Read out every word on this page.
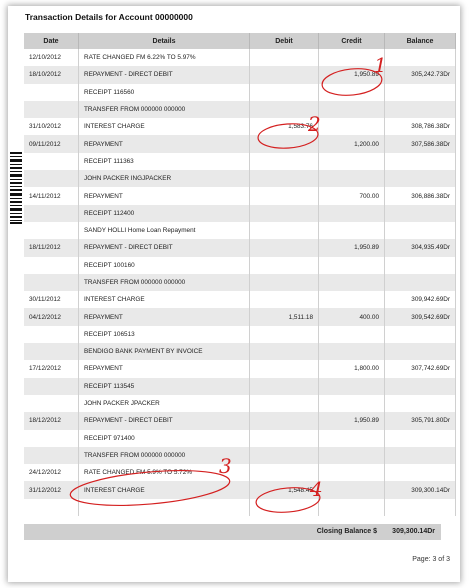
Transaction Details for Account 00000000
Date	Details	Debit	Credit	Balance
12/10/2012	RATE CHANGED FM 6.22% TO 5.97%			
18/10/2012	REPAYMENT - DIRECT DEBIT		1,950.89	305,242.73Dr
	RECEIPT 116560			
	TRANSFER FROM 000000 000000			
31/10/2012	INTEREST CHARGE	1,583.76		308,786.38Dr
09/11/2012	REPAYMENT		1,200.00	307,586.38Dr
	RECEIPT 111363			
	JOHN PACKER INGJPACKER			
14/11/2012	REPAYMENT		700.00	306,886.38Dr
	RECEIPT 112400			
	SANDY HOLLI Home Loan Repayment			
18/11/2012	REPAYMENT - DIRECT DEBIT		1,950.89	304,935.49Dr
	RECEIPT 100160			
	TRANSFER FROM 000000 000000			
30/11/2012	INTEREST CHARGE			309,942.69Dr
04/12/2012	REPAYMENT	1,511.18	400.00	309,542.69Dr
	RECEIPT 106513			
	BENDIGO BANK PAYMENT BY INVOICE			
17/12/2012	REPAYMENT		1,800.00	307,742.69Dr
	RECEIPT 113545			
	JOHN PACKER JPACKER			
18/12/2012	REPAYMENT - DIRECT DEBIT		1,950.89	305,791.80Dr
	RECEIPT 971400			
	TRANSFER FROM 000000 000000			
24/12/2012	RATE CHANGED FM 5.9% TO 5.72%			
31/12/2012	INTEREST CHARGE	1,548.45		309,300.14Dr

Closing Balance $ 309,300.14Dr
Page: 3 of 3
1
2
3
4
